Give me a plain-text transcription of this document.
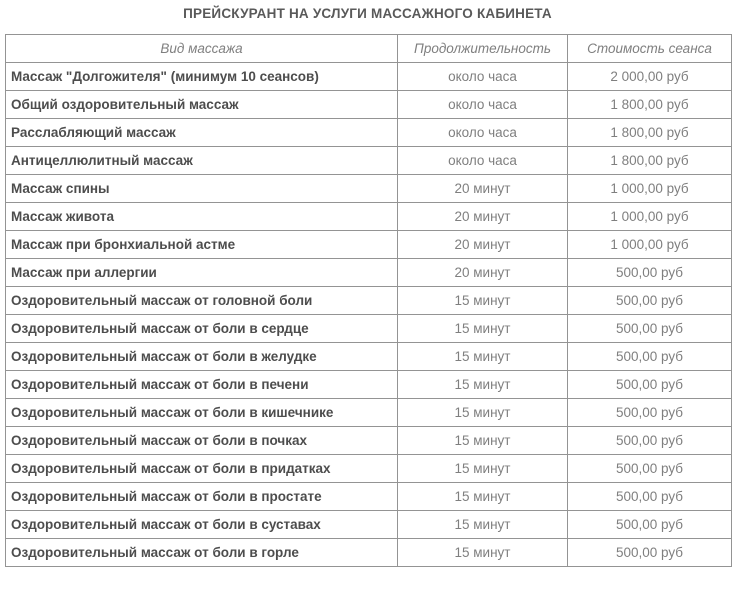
ПРЕЙСКУРАНТ НА УСЛУГИ МАССАЖНОГО КАБИНЕТА
Вид массажа	Продолжительность	Стоимость сеанса
Массаж "Долгожителя" (минимум 10 сеансов)	около часа	2 000,00 руб
Общий оздоровительный массаж	около часа	1 800,00 руб
Расслабляющий массаж	около часа	1 800,00 руб
Антицеллюлитный массаж	около часа	1 800,00 руб
Массаж спины	20 минут	1 000,00 руб
Массаж живота	20 минут	1 000,00 руб
Массаж при бронхиальной астме	20 минут	1 000,00 руб
Массаж при аллергии	20 минут	500,00 руб
Оздоровительный массаж от головной боли	15 минут	500,00 руб
Оздоровительный массаж от боли в сердце	15 минут	500,00 руб
Оздоровительный массаж от боли в желудке	15 минут	500,00 руб
Оздоровительный массаж от боли в печени	15 минут	500,00 руб
Оздоровительный массаж от боли в кишечнике	15 минут	500,00 руб
Оздоровительный массаж от боли в почках	15 минут	500,00 руб
Оздоровительный массаж от боли в придатках	15 минут	500,00 руб
Оздоровительный массаж от боли в простате	15 минут	500,00 руб
Оздоровительный массаж от боли в суставах	15 минут	500,00 руб
Оздоровительный массаж от боли в горле	15 минут	500,00 руб
